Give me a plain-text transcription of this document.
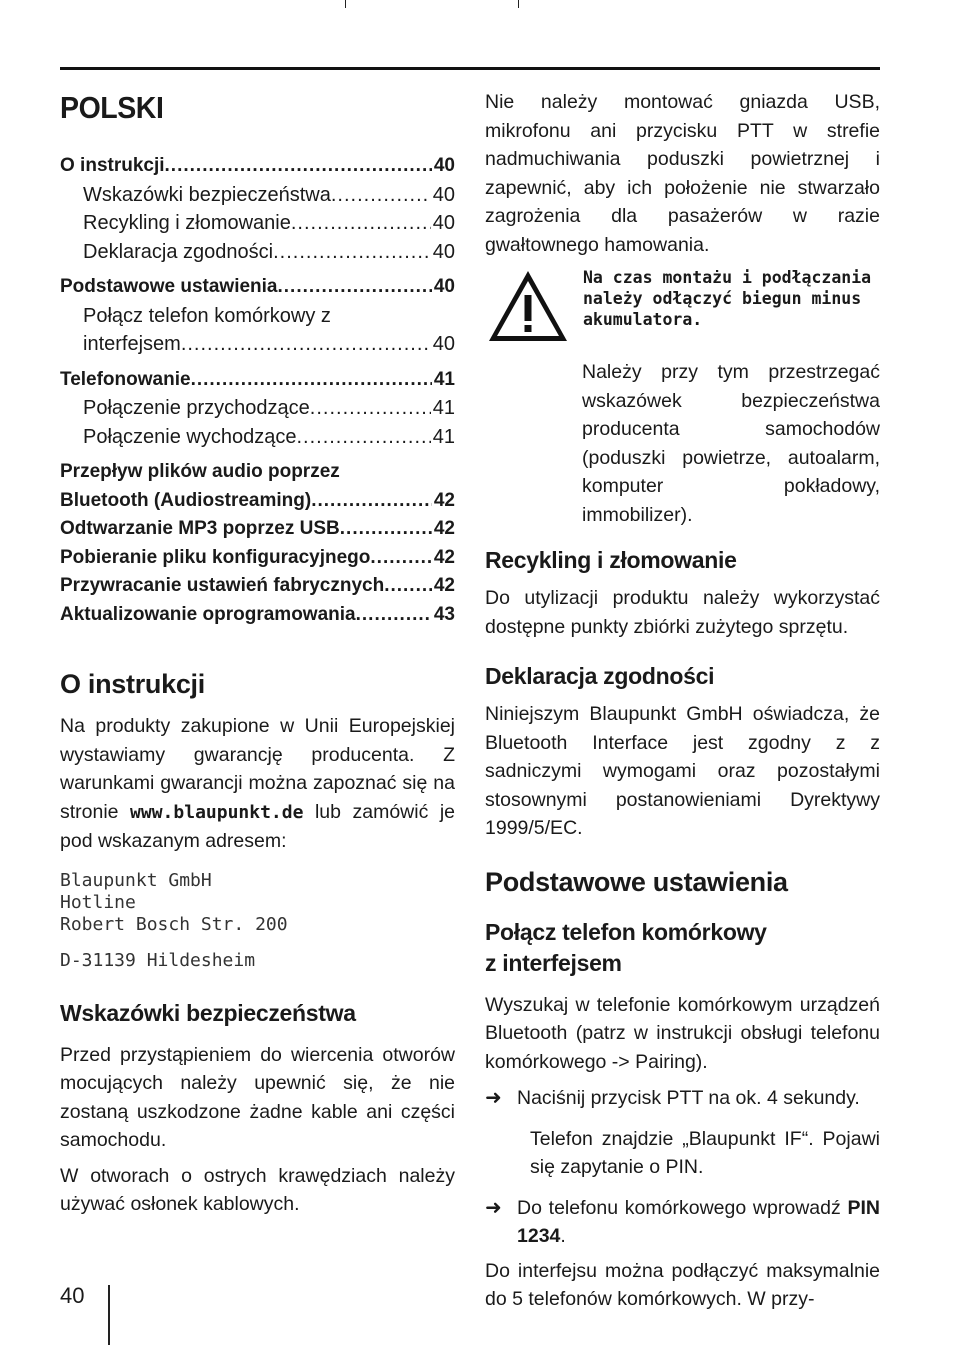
POLSKI
O instrukcji .....	40
Wskazówki bezpieczeństwa .....	40
Recykling i złomowanie .....	40
Deklaracja zgodności .....	40
Podstawowe ustawienia .....	40
Połącz telefon komórkowy z
interfejsem .....	40
Telefonowanie .....	41
Połączenie przychodzące .....	41
Połączenie wychodzące .....	41
Przepływ plików audio poprzez
Bluetooth (Audiostreaming) .....	42
Odtwarzanie MP3 poprzez USB .....	42
Pobieranie pliku konfiguracyjnego .....	42
Przywracanie ustawień fabrycznych .....	42
Aktualizowanie oprogramowania .....	43
O instrukcji

Na produkty zakupione w Unii Europejskiej wystawiamy gwarancję producenta. Z warunkami gwarancji można zapoznać się na stronie www.blaupunkt.de lub zamówić je pod wskazanym adresem:

Blaupunkt GmbH
Hotline
Robert Bosch Str. 200
D-31139 Hildesheim
Wskazówki bezpieczeństwa

Przed przystąpieniem do wiercenia otworów mocujących należy upewnić się, że nie zostaną uszkodzone żadne kable ani części samochodu.

W otworach o ostrych krawędziach należy używać osłonek kablowych.

Nie należy montować gniazda USB, mikrofonu ani przycisku PTT w strefie nadmuchiwania poduszki powietrznej i zapewnić, aby ich położenie nie stwarzało zagrożenia dla pasażerów w razie gwałtownego hamowania.

Na czas montażu i podłączania należy odłączyć biegun minus akumulatora.

Należy przy tym przestrzegać wskazówek bezpieczeństwa producenta samochodów (poduszki powietrze, autoalarm, komputer pokładowy, immobilizer).

Recykling i złomowanie

Do utylizacji produktu należy wykorzystać dostępne punkty zbiórki zużytego sprzętu.

Deklaracja zgodności

Niniejszym Blaupunkt GmbH oświadcza, że Bluetooth Interface jest zgodny z z sadniczymi wymogami oraz pozostałymi stosownymi postanowieniami Dyrektywy 1999/5/EC.

Podstawowe ustawienia
Połącz telefon komórkowy
z interfejsem

Wyszukaj w telefonie komórkowym urządzeń Bluetooth (patrz w instrukcji obsługi telefonu komórkowego -> Pairing).

➜ Naciśnij przycisk PTT na ok. 4 sekundy.
Telefon znajdzie „Blaupunkt IF“. Pojawi się zapytanie o PIN.
➜ Do telefonu komórkowego wprowadź PIN 1234.

Do interfejsu można podłączyć maksymalnie do 5 telefonów komórkowych. W przy-

40
